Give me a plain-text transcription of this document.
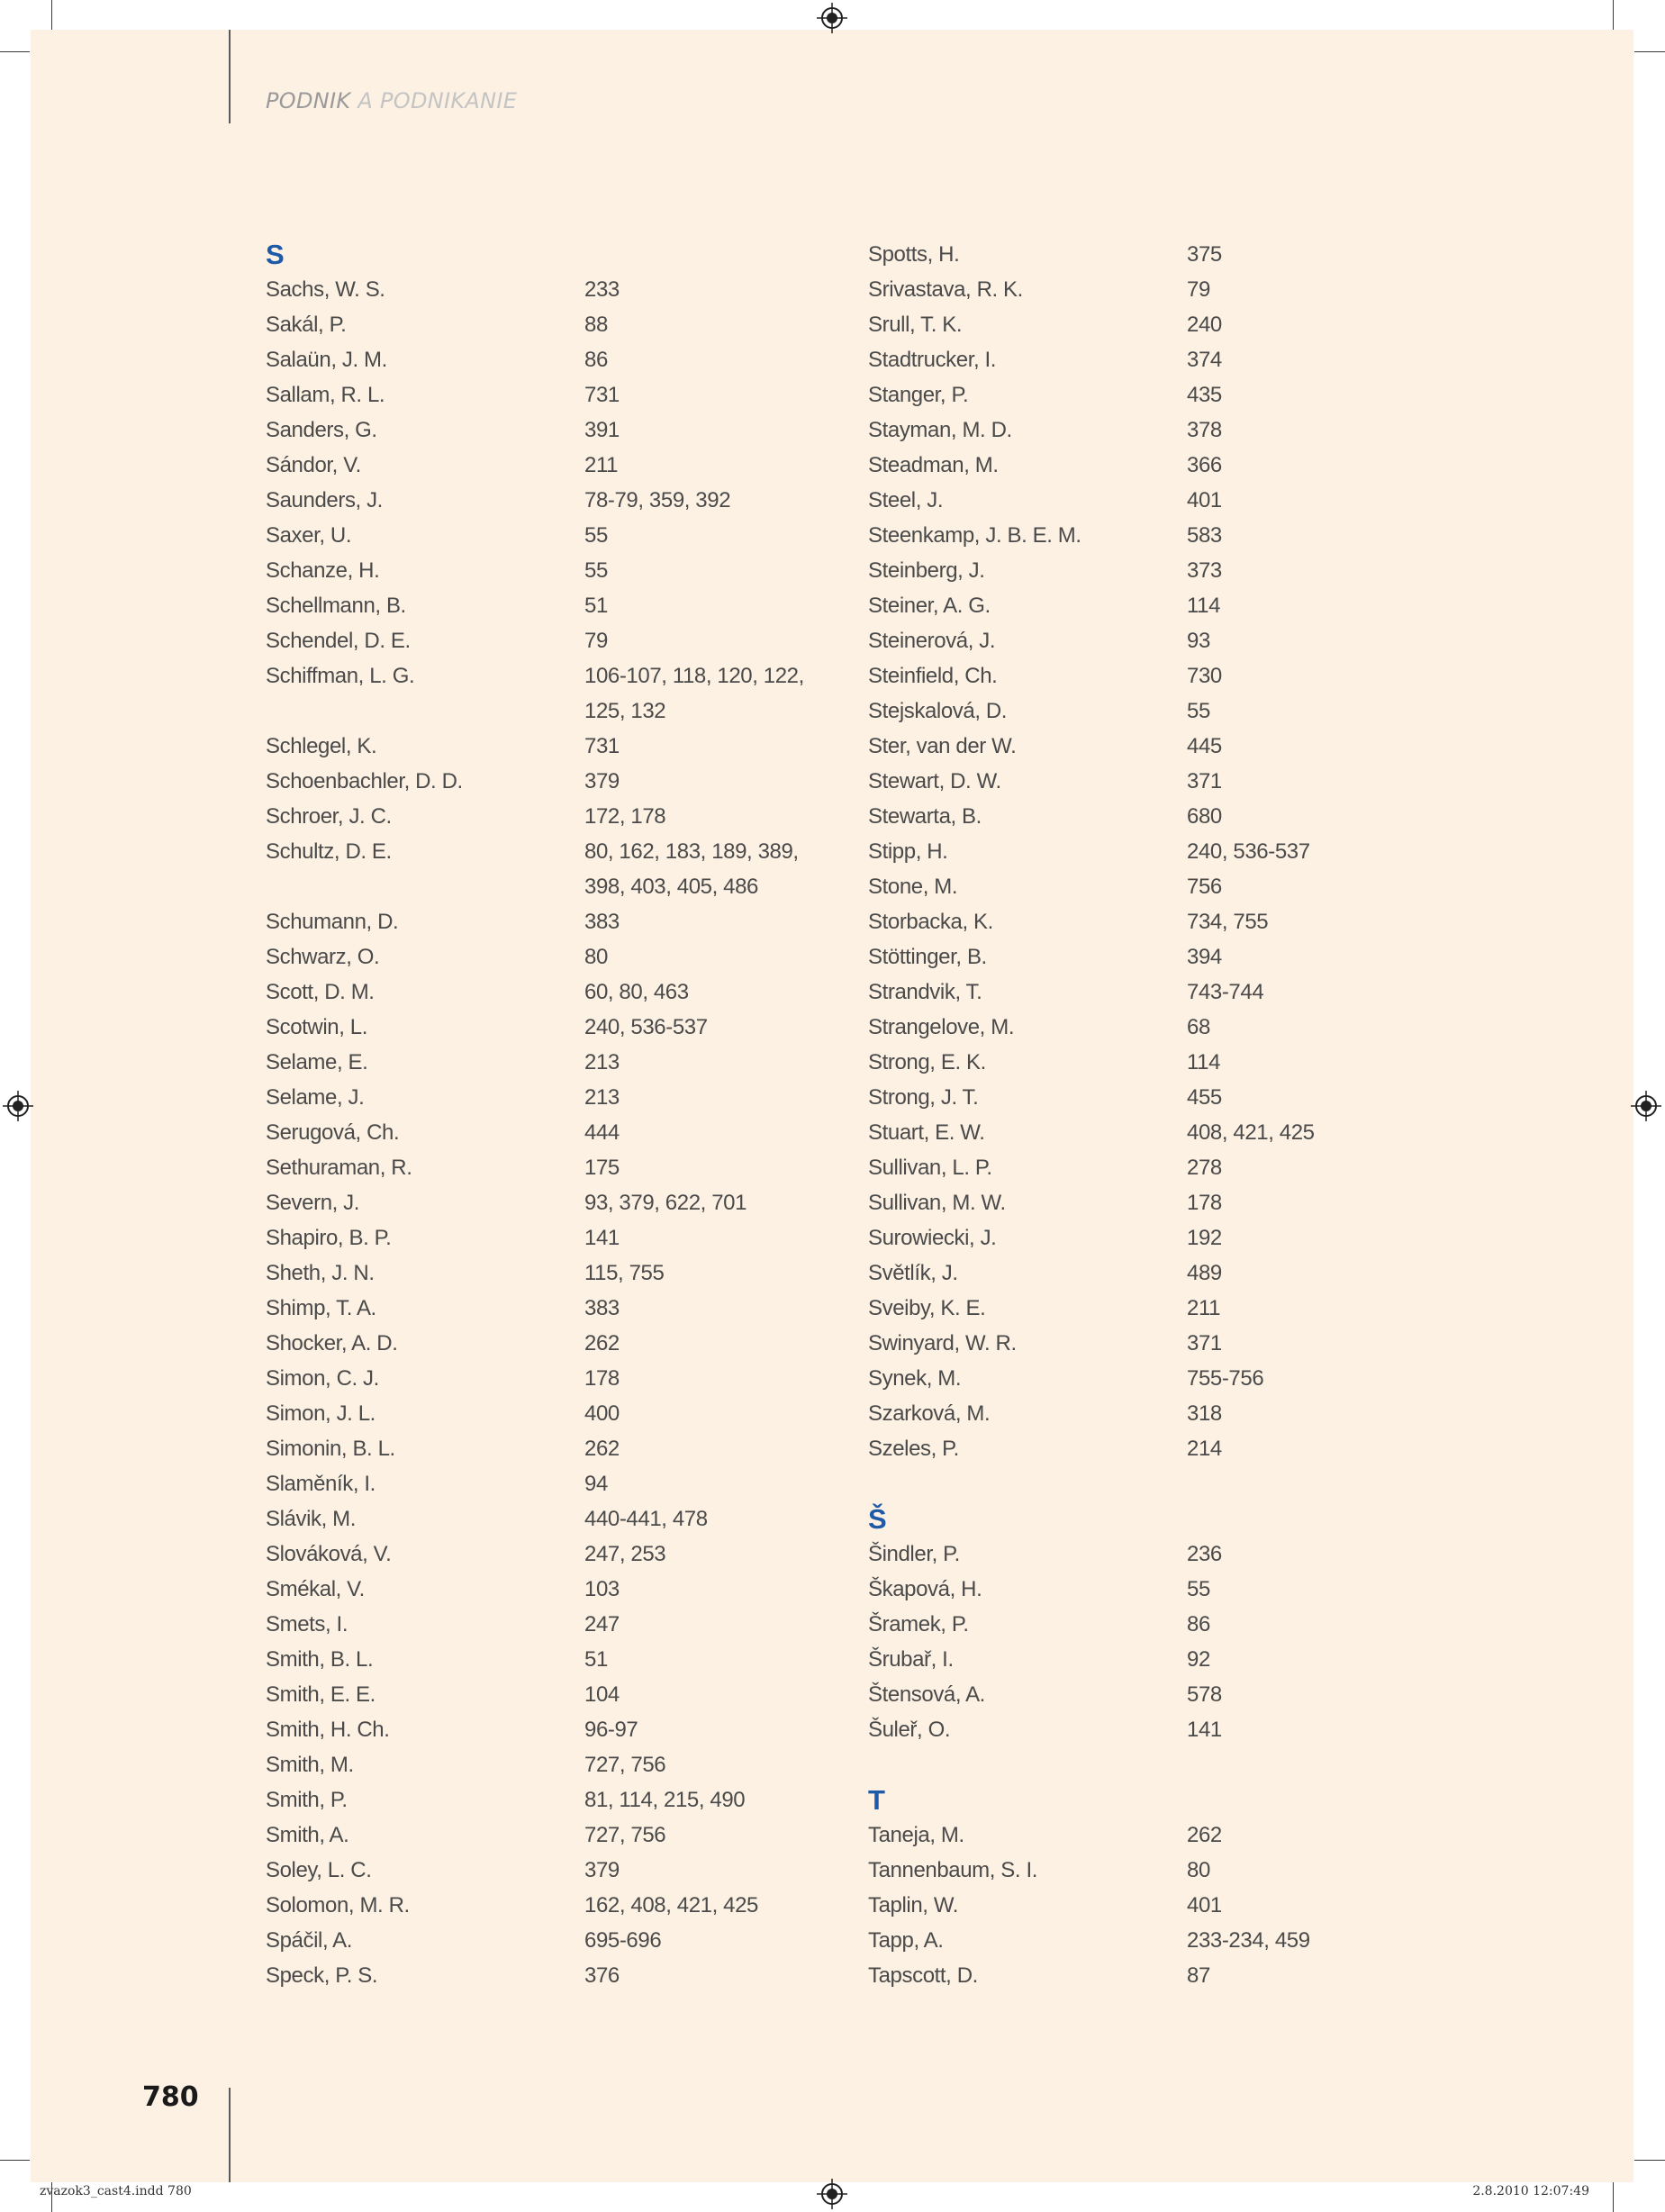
PODNIK A PODNIKANIE
S
Sachs, W. S.	233
Sakál, P.	88
Salaün, J. M.	86
Sallam, R. L.	731
Sanders, G.	391
Sándor, V.	211
Saunders, J.	78-79, 359, 392
Saxer, U.	55
Schanze, H.	55
Schellmann, B.	51
Schendel, D. E.	79
Schiffman, L. G.	106-107, 118, 120, 122, 125, 132
Schlegel, K.	731
Schoenbachler, D. D.	379
Schroer, J. C.	172, 178
Schultz, D. E.	80, 162, 183, 189, 389, 398, 403, 405, 486
Schumann, D.	383
Schwarz, O.	80
Scott, D. M.	60, 80, 463
Scotwin, L.	240, 536-537
Selame, E.	213
Selame, J.	213
Serugová, Ch.	444
Sethuraman, R.	175
Severn, J.	93, 379, 622, 701
Shapiro, B. P.	141
Sheth, J. N.	115, 755
Shimp, T. A.	383
Shocker, A. D.	262
Simon, C. J.	178
Simon, J. L.	400
Simonin, B. L.	262
Slaměník, I.	94
Slávik, M.	440-441, 478
Slováková, V.	247, 253
Smékal, V.	103
Smets, I.	247
Smith, B. L.	51
Smith, E. E.	104
Smith, H. Ch.	96-97
Smith, M.	727, 756
Smith, P.	81, 114, 215, 490
Smith, A.	727, 756
Soley, L. C.	379
Solomon, M. R.	162, 408, 421, 425
Spáčil, A.	695-696
Speck, P. S.	376
Spotts, H.	375
Srivastava, R. K.	79
Srull, T. K.	240
Stadtrucker, I.	374
Stanger, P.	435
Stayman, M. D.	378
Steadman, M.	366
Steel, J.	401
Steenkamp, J. B. E. M.	583
Steinberg, J.	373
Steiner, A. G.	114
Steinerová, J.	93
Steinfield, Ch.	730
Stejskalová, D.	55
Ster, van der W.	445
Stewart, D. W.	371
Stewarta, B.	680
Stipp, H.	240, 536-537
Stone, M.	756
Storbacka, K.	734, 755
Stöttinger, B.	394
Strandvik, T.	743-744
Strangelove, M.	68
Strong, E. K.	114
Strong, J. T.	455
Stuart, E. W.	408, 421, 425
Sullivan, L. P.	278
Sullivan, M. W.	178
Surowiecki, J.	192
Světlík, J.	489
Sveiby, K. E.	211
Swinyard, W. R.	371
Synek, M.	755-756
Szarková, M.	318
Szeles, P.	214
Š
Šindler, P.	236
Škapová, H.	55
Šramek, P.	86
Šrubař, I.	92
Štensová, A.	578
Šuleř, O.	141
T
Taneja, M.	262
Tannenbaum, S. I.	80
Taplin, W.	401
Tapp, A.	233-234, 459
Tapscott, D.	87
780
zvazok3_cast4.indd 780	2.8.2010 12:07:49
